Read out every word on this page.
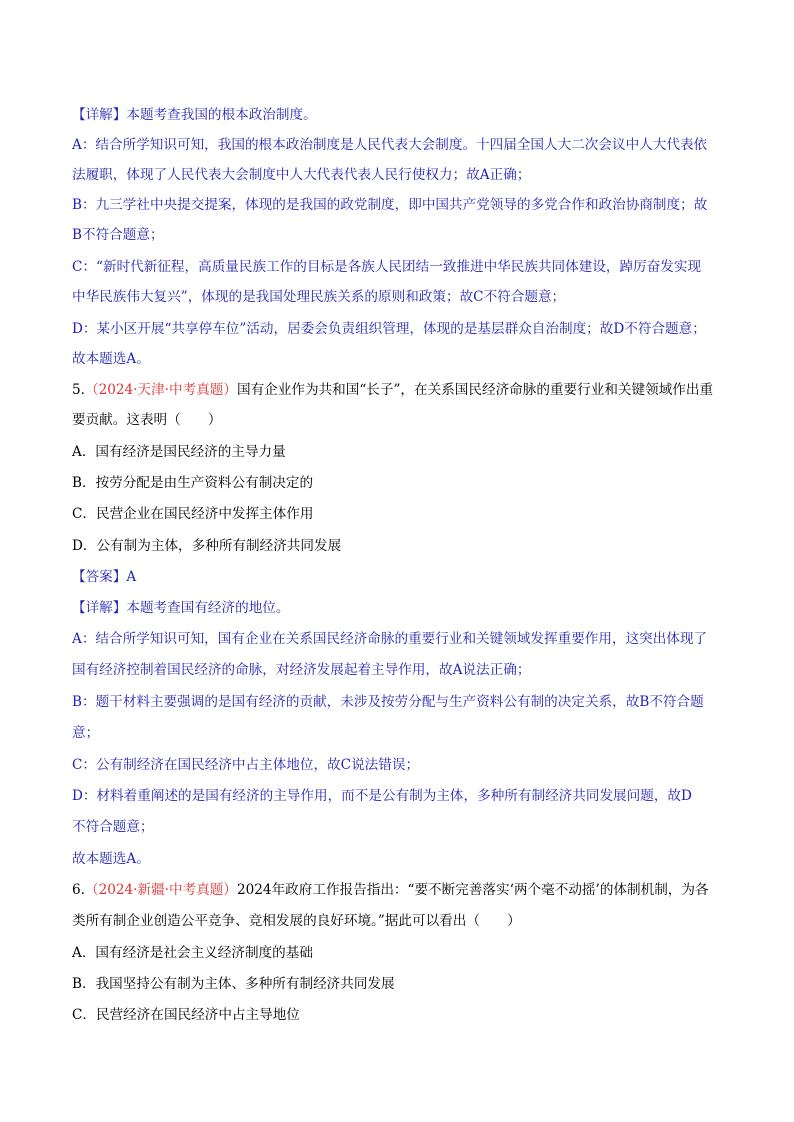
【详解】本题考查我国的根本政治制度。
A：结合所学知识可知，我国的根本政治制度是人民代表大会制度。十四届全国人大二次会议中人大代表依
法履职，体现了人民代表大会制度中人大代表代表人民行使权力；故A正确；
B：九三学社中央提交提案，体现的是我国的政党制度，即中国共产党领导的多党合作和政治协商制度；故
B不符合题意；
C：“新时代新征程，高质量民族工作的目标是各族人民团结一致推进中华民族共同体建设，踔厉奋发实现
中华民族伟大复兴”，体现的是我国处理民族关系的原则和政策；故C不符合题意；
D：某小区开展“共享停车位”活动，居委会负责组织管理，体现的是基层群众自治制度；故D不符合题意；
故本题选A。
5.（2024·天津·中考真题）国有企业作为共和国“长子”，在关系国民经济命脉的重要行业和关键领域作出重
要贡献。这表明（　　）
A．国有经济是国民经济的主导力量
B．按劳分配是由生产资料公有制决定的
C．民营企业在国民经济中发挥主体作用
D．公有制为主体，多种所有制经济共同发展
【答案】A
【详解】本题考查国有经济的地位。
A：结合所学知识可知，国有企业在关系国民经济命脉的重要行业和关键领域发挥重要作用，这突出体现了
国有经济控制着国民经济的命脉，对经济发展起着主导作用，故A说法正确；
B：题干材料主要强调的是国有经济的贡献，未涉及按劳分配与生产资料公有制的决定关系，故B不符合题
意；
C：公有制经济在国民经济中占主体地位，故C说法错误；
D：材料着重阐述的是国有经济的主导作用，而不是公有制为主体，多种所有制经济共同发展问题，故D
不符合题意；
故本题选A。
6.（2024·新疆·中考真题）2024年政府工作报告指出：“要不断完善落实‘两个毫不动摇’的体制机制，为各
类所有制企业创造公平竞争、竞相发展的良好环境。”据此可以看出（　　）
A．国有经济是社会主义经济制度的基础
B．我国坚持公有制为主体、多种所有制经济共同发展
C．民营经济在国民经济中占主导地位
